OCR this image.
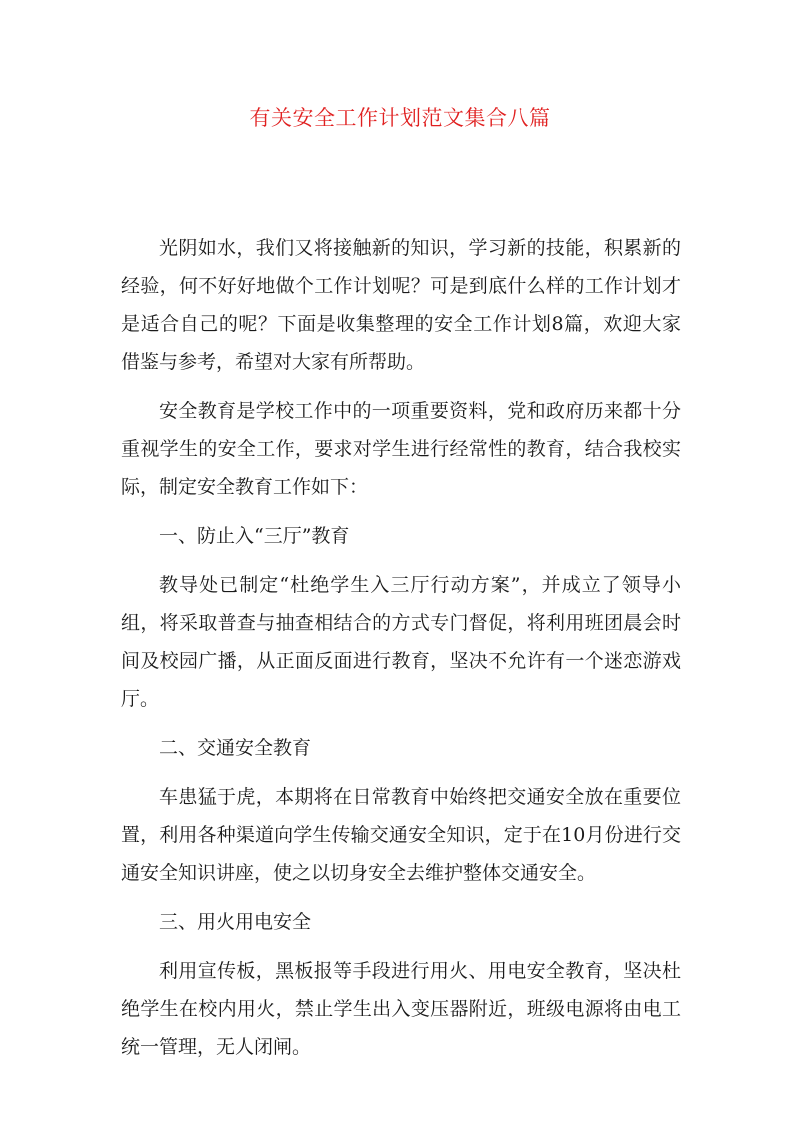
有关安全工作计划范文集合八篇

光阴如水，我们又将接触新的知识，学习新的技能，积累新的经验，何不好好地做个工作计划呢？可是到底什么样的工作计划才是适合自己的呢？下面是收集整理的安全工作计划8篇，欢迎大家借鉴与参考，希望对大家有所帮助。

安全教育是学校工作中的一项重要资料，党和政府历来都十分重视学生的安全工作，要求对学生进行经常性的教育，结合我校实际，制定安全教育工作如下：

一、防止入“三厅”教育

教导处已制定“杜绝学生入三厅行动方案”，并成立了领导小组，将采取普查与抽查相结合的方式专门督促，将利用班团晨会时间及校园广播，从正面反面进行教育，坚决不允许有一个迷恋游戏厅。

二、交通安全教育

车患猛于虎，本期将在日常教育中始终把交通安全放在重要位置，利用各种渠道向学生传输交通安全知识，定于在10月份进行交通安全知识讲座，使之以切身安全去维护整体交通安全。

三、用火用电安全

利用宣传板，黑板报等手段进行用火、用电安全教育，坚决杜绝学生在校内用火，禁止学生出入变压器附近，班级电源将由电工统一管理，无人闭闸。
